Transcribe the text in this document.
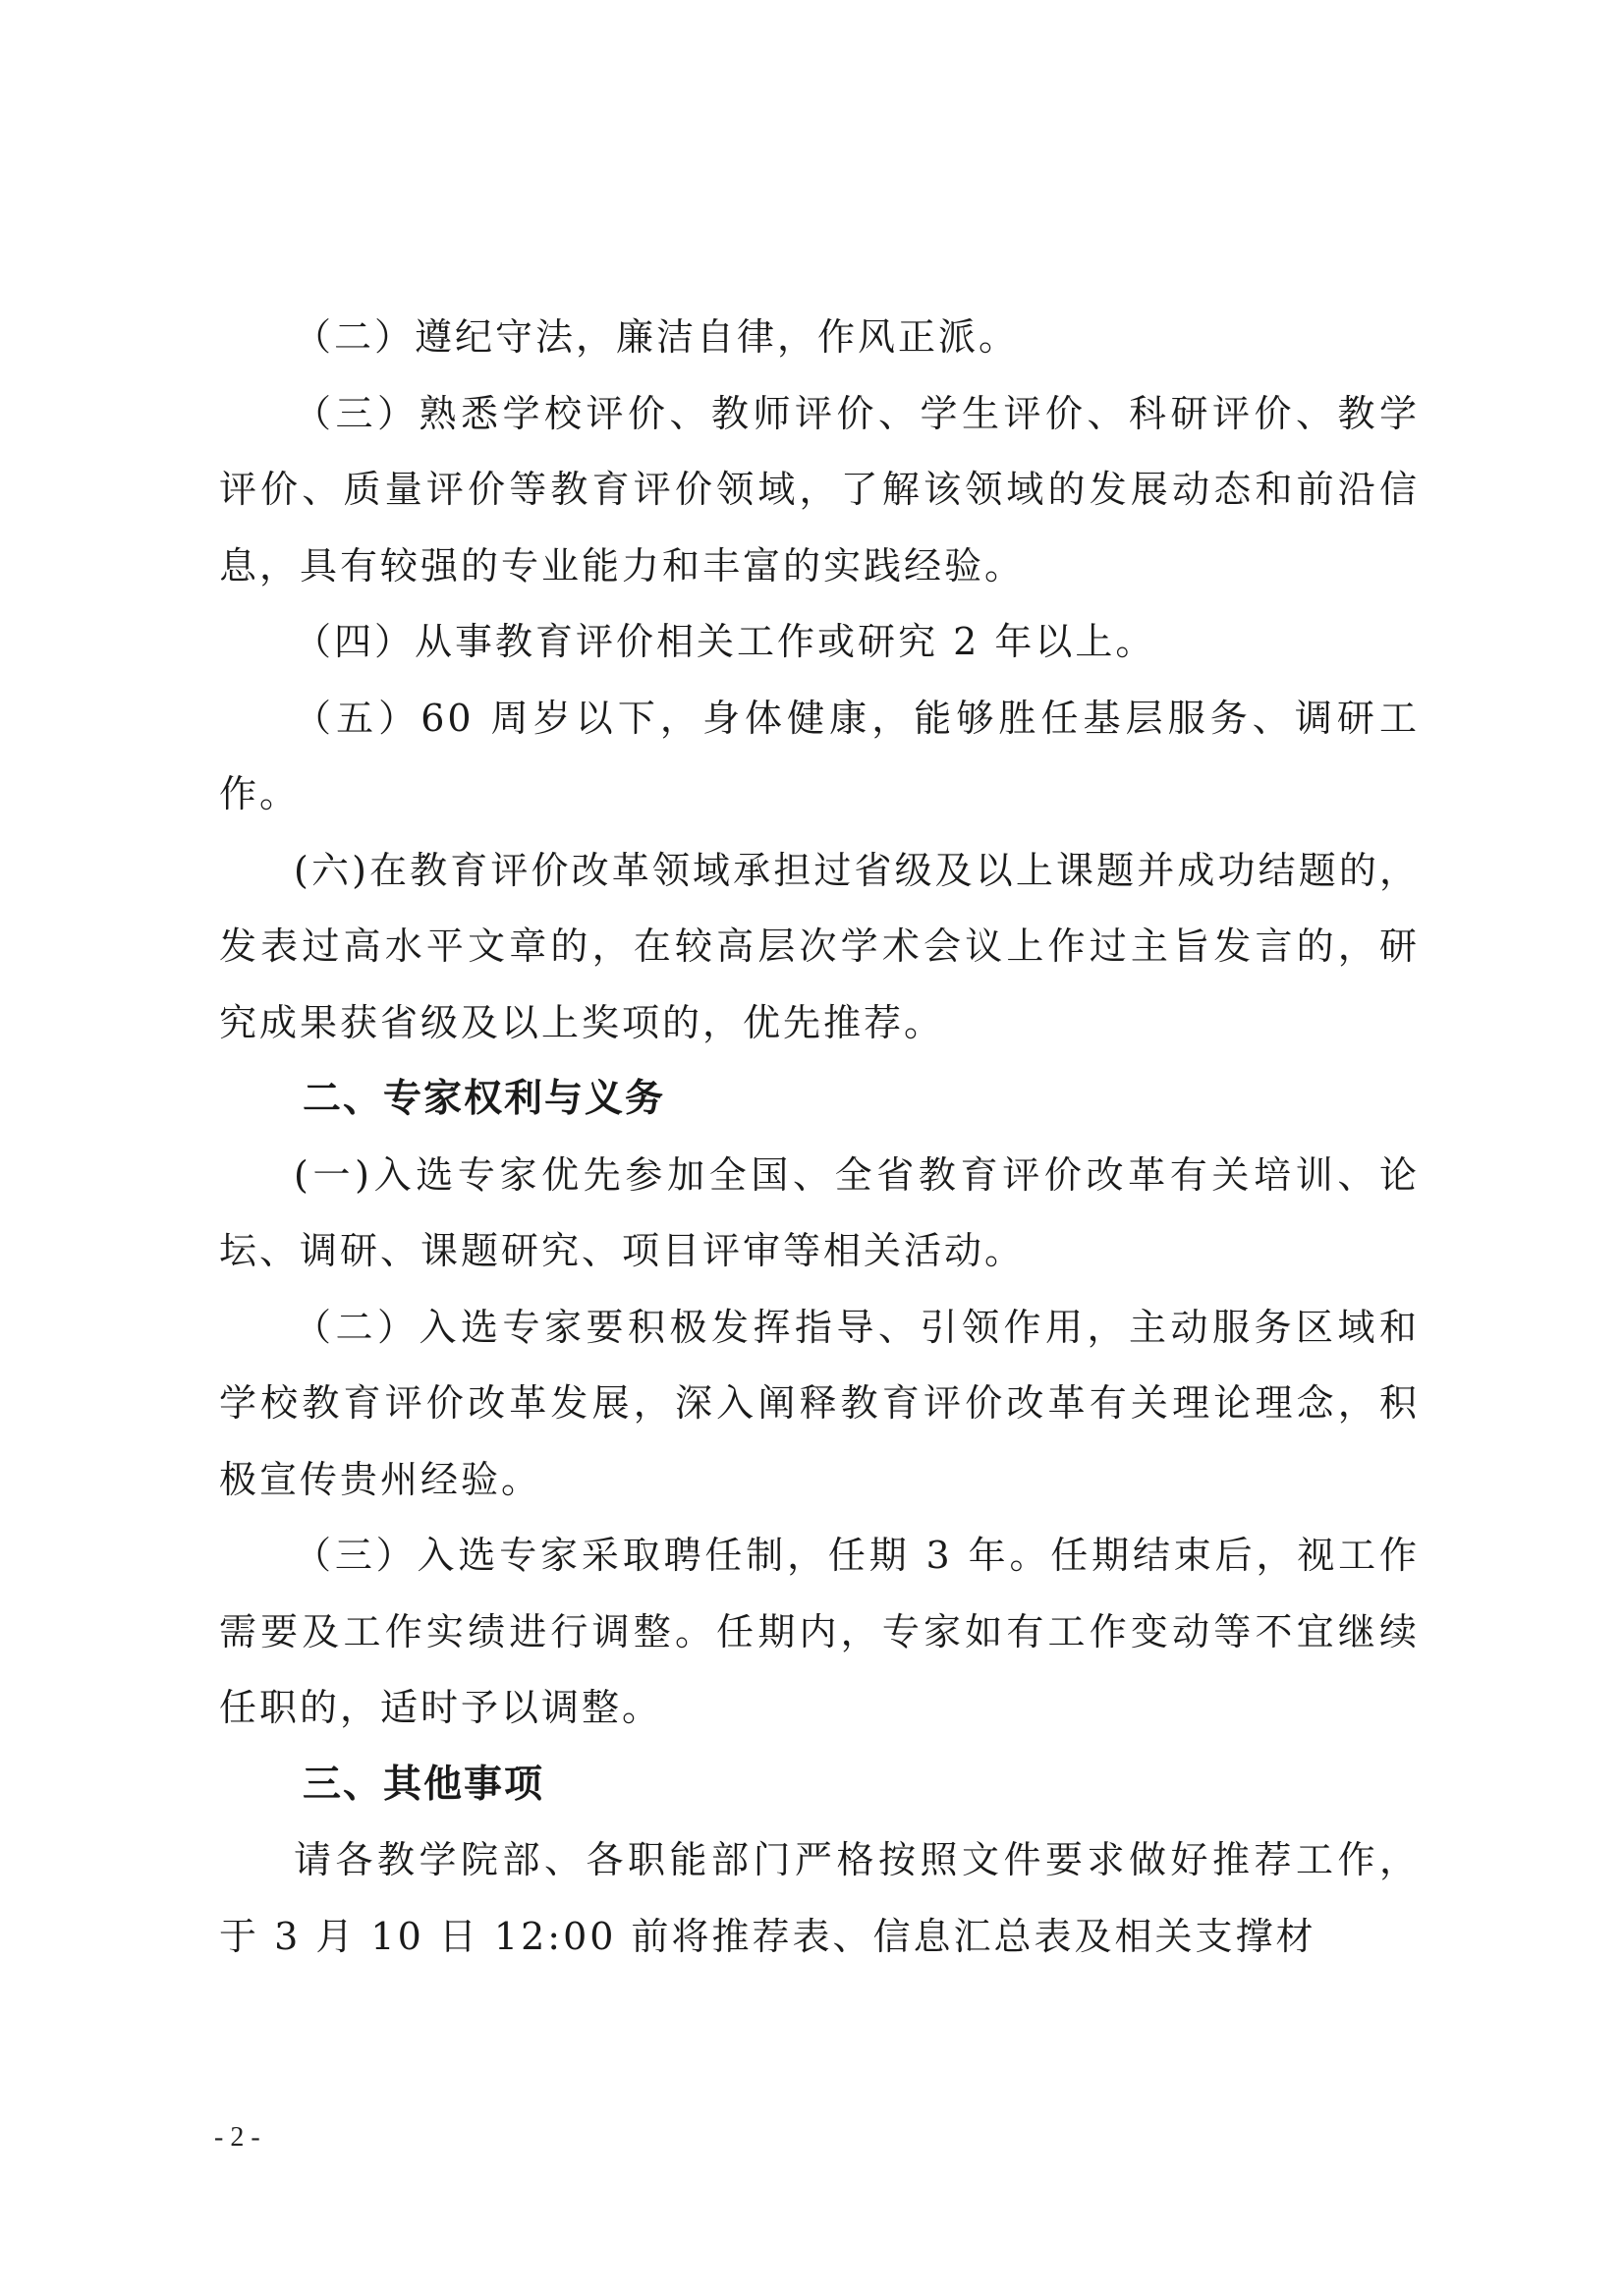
（二）遵纪守法，廉洁自律，作风正派。

（三）熟悉学校评价、教师评价、学生评价、科研评价、教学评价、质量评价等教育评价领域，了解该领域的发展动态和前沿信息，具有较强的专业能力和丰富的实践经验。

（四）从事教育评价相关工作或研究 2 年以上。

（五）60 周岁以下，身体健康，能够胜任基层服务、调研工作。

(六)在教育评价改革领域承担过省级及以上课题并成功结题的，发表过高水平文章的，在较高层次学术会议上作过主旨发言的，研究成果获省级及以上奖项的，优先推荐。

二、专家权利与义务

(一)入选专家优先参加全国、全省教育评价改革有关培训、论坛、调研、课题研究、项目评审等相关活动。

（二）入选专家要积极发挥指导、引领作用，主动服务区域和学校教育评价改革发展，深入阐释教育评价改革有关理论理念，积极宣传贵州经验。

（三）入选专家采取聘任制，任期 3 年。任期结束后，视工作需要及工作实绩进行调整。任期内，专家如有工作变动等不宜继续任职的，适时予以调整。

三、其他事项

请各教学院部、各职能部门严格按照文件要求做好推荐工作，于 3 月 10 日 12:00 前将推荐表、信息汇总表及相关支撑材

- 2 -
